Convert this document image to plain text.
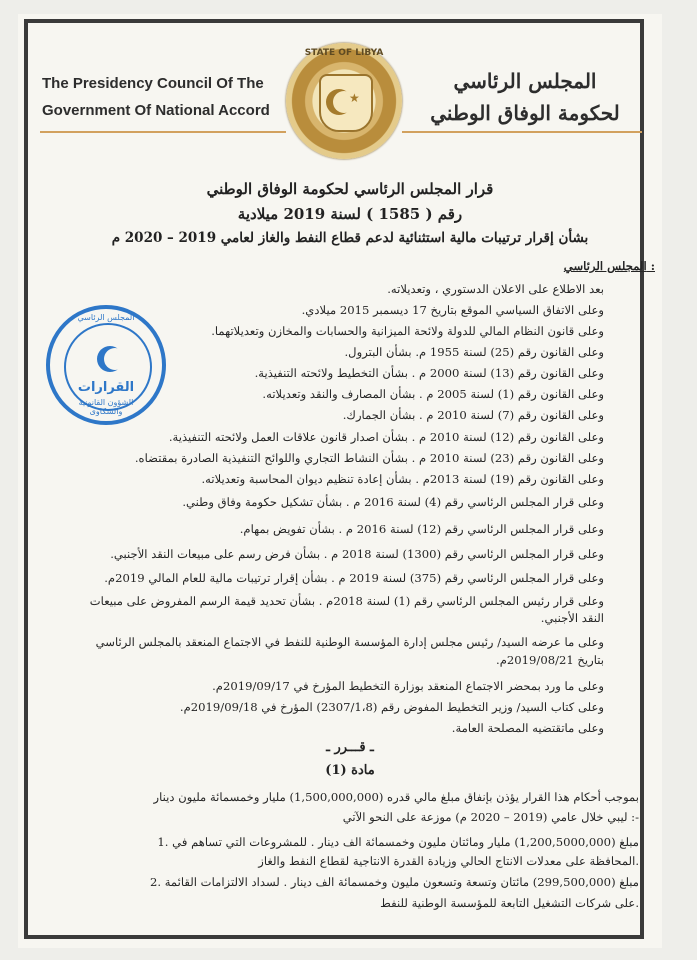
The Presidency Council Of The
Government Of National Accord
المجلس الرئاسي
لحكومة الوفاق الوطني
STATE OF LIBYA
★
قرار المجلس الرئاسي لحكومة الوفاق الوطني
رقم ( 1585 ) لسنة 2019 ميلادية
بشأن إقرار ترتيبات مالية استثنائية لدعم قطاع النفط والغاز لعامي 2019 – 2020 م
المجلس الرئاسي :
بعد الاطلاع على الاعلان الدستوري ، وتعديلاته.
وعلى الاتفاق السياسي الموقع بتاريخ 17 ديسمبر 2015 ميلادي.
وعلى قانون النظام المالي للدولة ولائحة الميزانية والحسابات والمخازن وتعديلاتهما.
وعلى القانون رقم (25) لسنة 1955 م. بشأن البترول.
وعلى القانون رقم (13) لسنة 2000 م . بشأن التخطيط ولائحته التنفيذية.
وعلى القانون رقم (1) لسنة 2005 م . بشأن المصارف والنقد وتعديلاته.
وعلى القانون رقم (7) لسنة 2010 م . بشأن الجمارك.
وعلى القانون رقم (12) لسنة 2010 م . بشأن اصدار قانون علاقات العمل ولائحته التنفيذية.
وعلى القانون رقم (23) لسنة 2010 م . بشأن النشاط التجاري واللوائح التنفيذية الصادرة بمقتضاه.
وعلى القانون رقم (19) لسنة 2013م . بشأن إعادة تنظيم ديوان المحاسبة وتعديلاته.
وعلى قرار المجلس الرئاسي رقم (4) لسنة 2016 م . بشأن تشكيل حكومة وفاق وطني.
وعلى قرار المجلس الرئاسي رقم (12) لسنة 2016 م . بشأن تفويض بمهام.
وعلى قرار المجلس الرئاسي رقم (1300) لسنة 2018 م . بشأن فرض رسم على مبيعات النقد الأجنبي.
وعلى قرار المجلس الرئاسي رقم (375) لسنة 2019 م . بشأن إقرار ترتيبات مالية للعام المالي 2019م.
وعلى قرار رئيس المجلس الرئاسي رقم (1) لسنة 2018م . بشأن تحديد قيمة الرسم المفروض على مبيعات
النقد الأجنبي.
وعلى ما عرضه السيد/ رئيس مجلس إدارة المؤسسة الوطنية للنفط في الاجتماع المنعقد بالمجلس الرئاسي
بتاريخ 2019/08/21م.
وعلى ما ورد بمحضر الاجتماع المنعقد بوزارة التخطيط المؤرخ في 2019/09/17م.
وعلى كتاب السيد/ وزير التخطيط المفوض رقم (2307/1،8) المؤرخ في 2019/09/18م.
وعلى ماتقتضيه المصلحة العامة.
ـ قـــرر ـ
مادة (1)
بموجب أحكام هذا القرار يؤذن بإنفاق مبلغ مالي قدره (1,500,000,000) مليار وخمسمائة مليون دينار
ليبي خلال عامي (2019 – 2020 م) موزعة على النحو الآتي :-
1. مبلغ (1,200,5000,000) مليار ومائتان مليون وخمسمائة الف دينار . للمشروعات التي تساهم في
المحافظة على معدلات الانتاج الحالي وزيادة القدرة الانتاجية لقطاع النفط والغاز.
2. مبلغ (299,500,000) مائتان وتسعة وتسعون مليون وخمسمائة الف دينار . لسداد الالتزامات القائمة
على شركات التشغيل التابعة للمؤسسة الوطنية للنفط.
المجلس الرئاسي
القرارات
الشؤون القانونية والشكاوى
